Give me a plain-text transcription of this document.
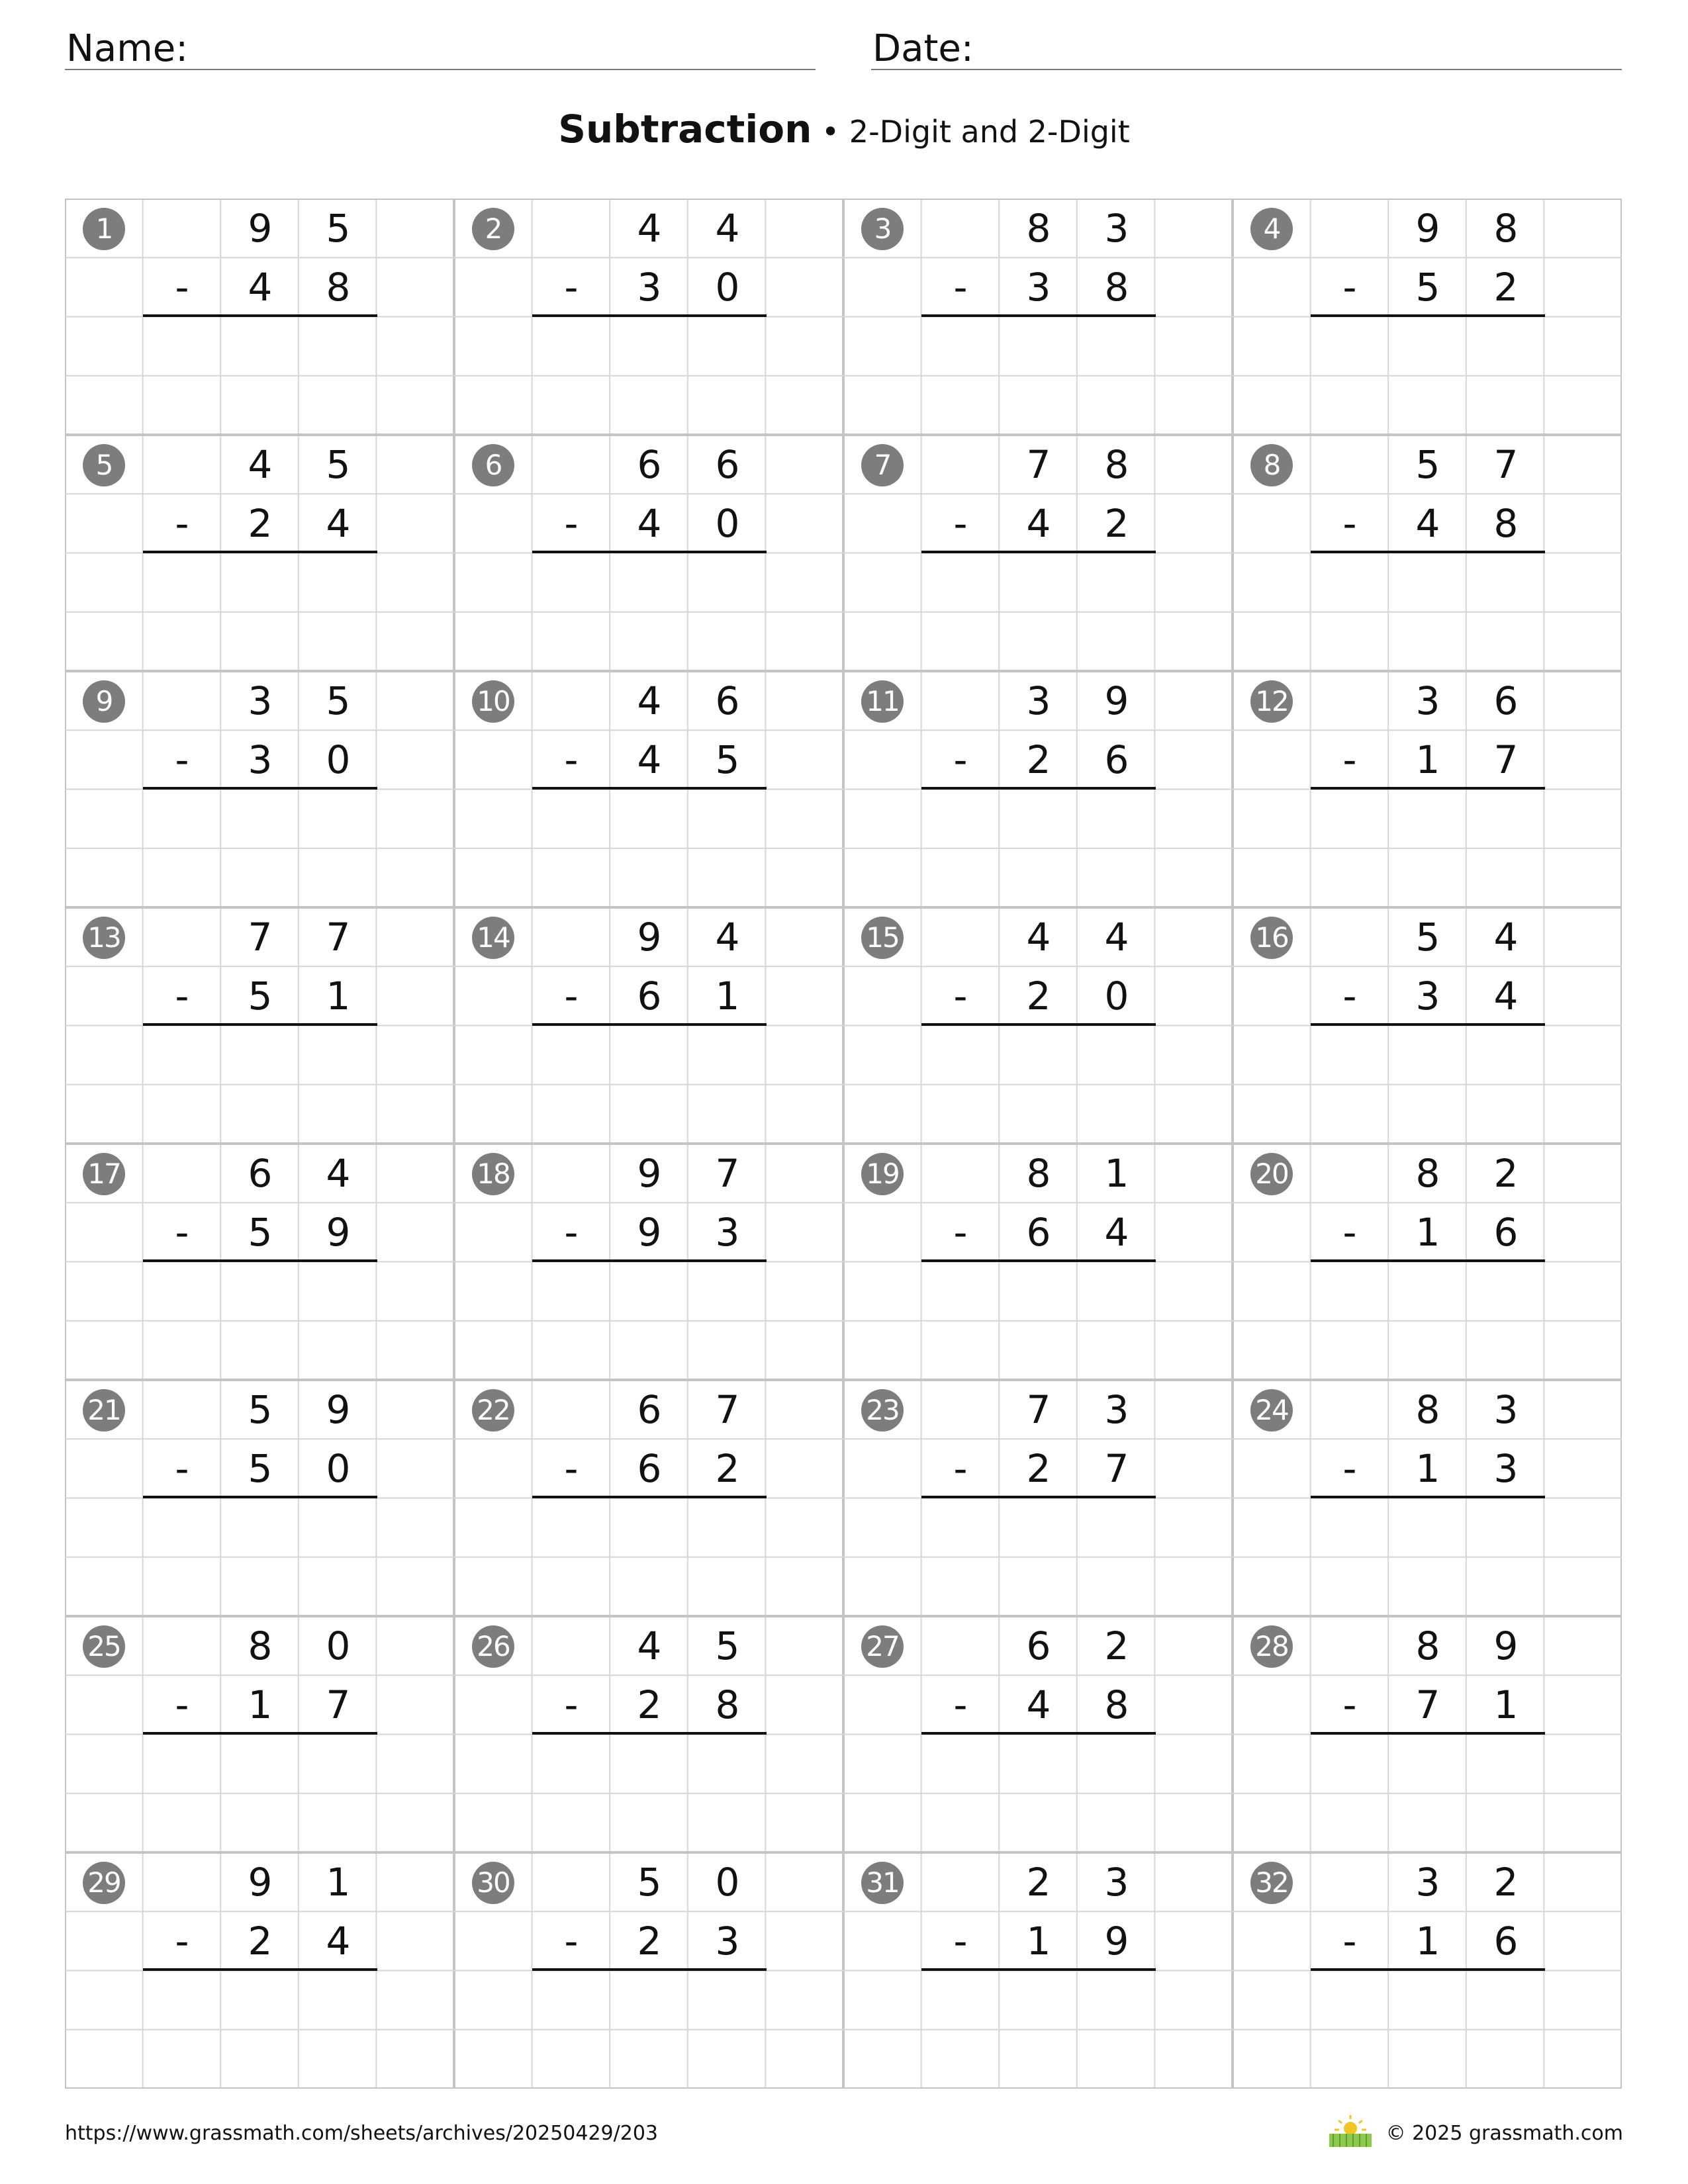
Name:	Date:
Subtraction • 2-Digit and 2-Digit
1	9	5
-	4	8
2	4	4
-	3	0
3	8	3
-	3	8
4	9	8
-	5	2
5	4	5
-	2	4
6	6	6
-	4	0
7	7	8
-	4	2
8	5	7
-	4	8
9	3	5
-	3	0
10	4	6
-	4	5
11	3	9
-	2	6
12	3	6
-	1	7
13	7	7
-	5	1
14	9	4
-	6	1
15	4	4
-	2	0
16	5	4
-	3	4
17	6	4
-	5	9
18	9	7
-	9	3
19	8	1
-	6	4
20	8	2
-	1	6
21	5	9
-	5	0
22	6	7
-	6	2
23	7	3
-	2	7
24	8	3
-	1	3
25	8	0
-	1	7
26	4	5
-	2	8
27	6	2
-	4	8
28	8	9
-	7	1
29	9	1
-	2	4
30	5	0
-	2	3
31	2	3
-	1	9
32	3	2
-	1	6
https://www.grassmath.com/sheets/archives/20250429/203	© 2025 grassmath.com
